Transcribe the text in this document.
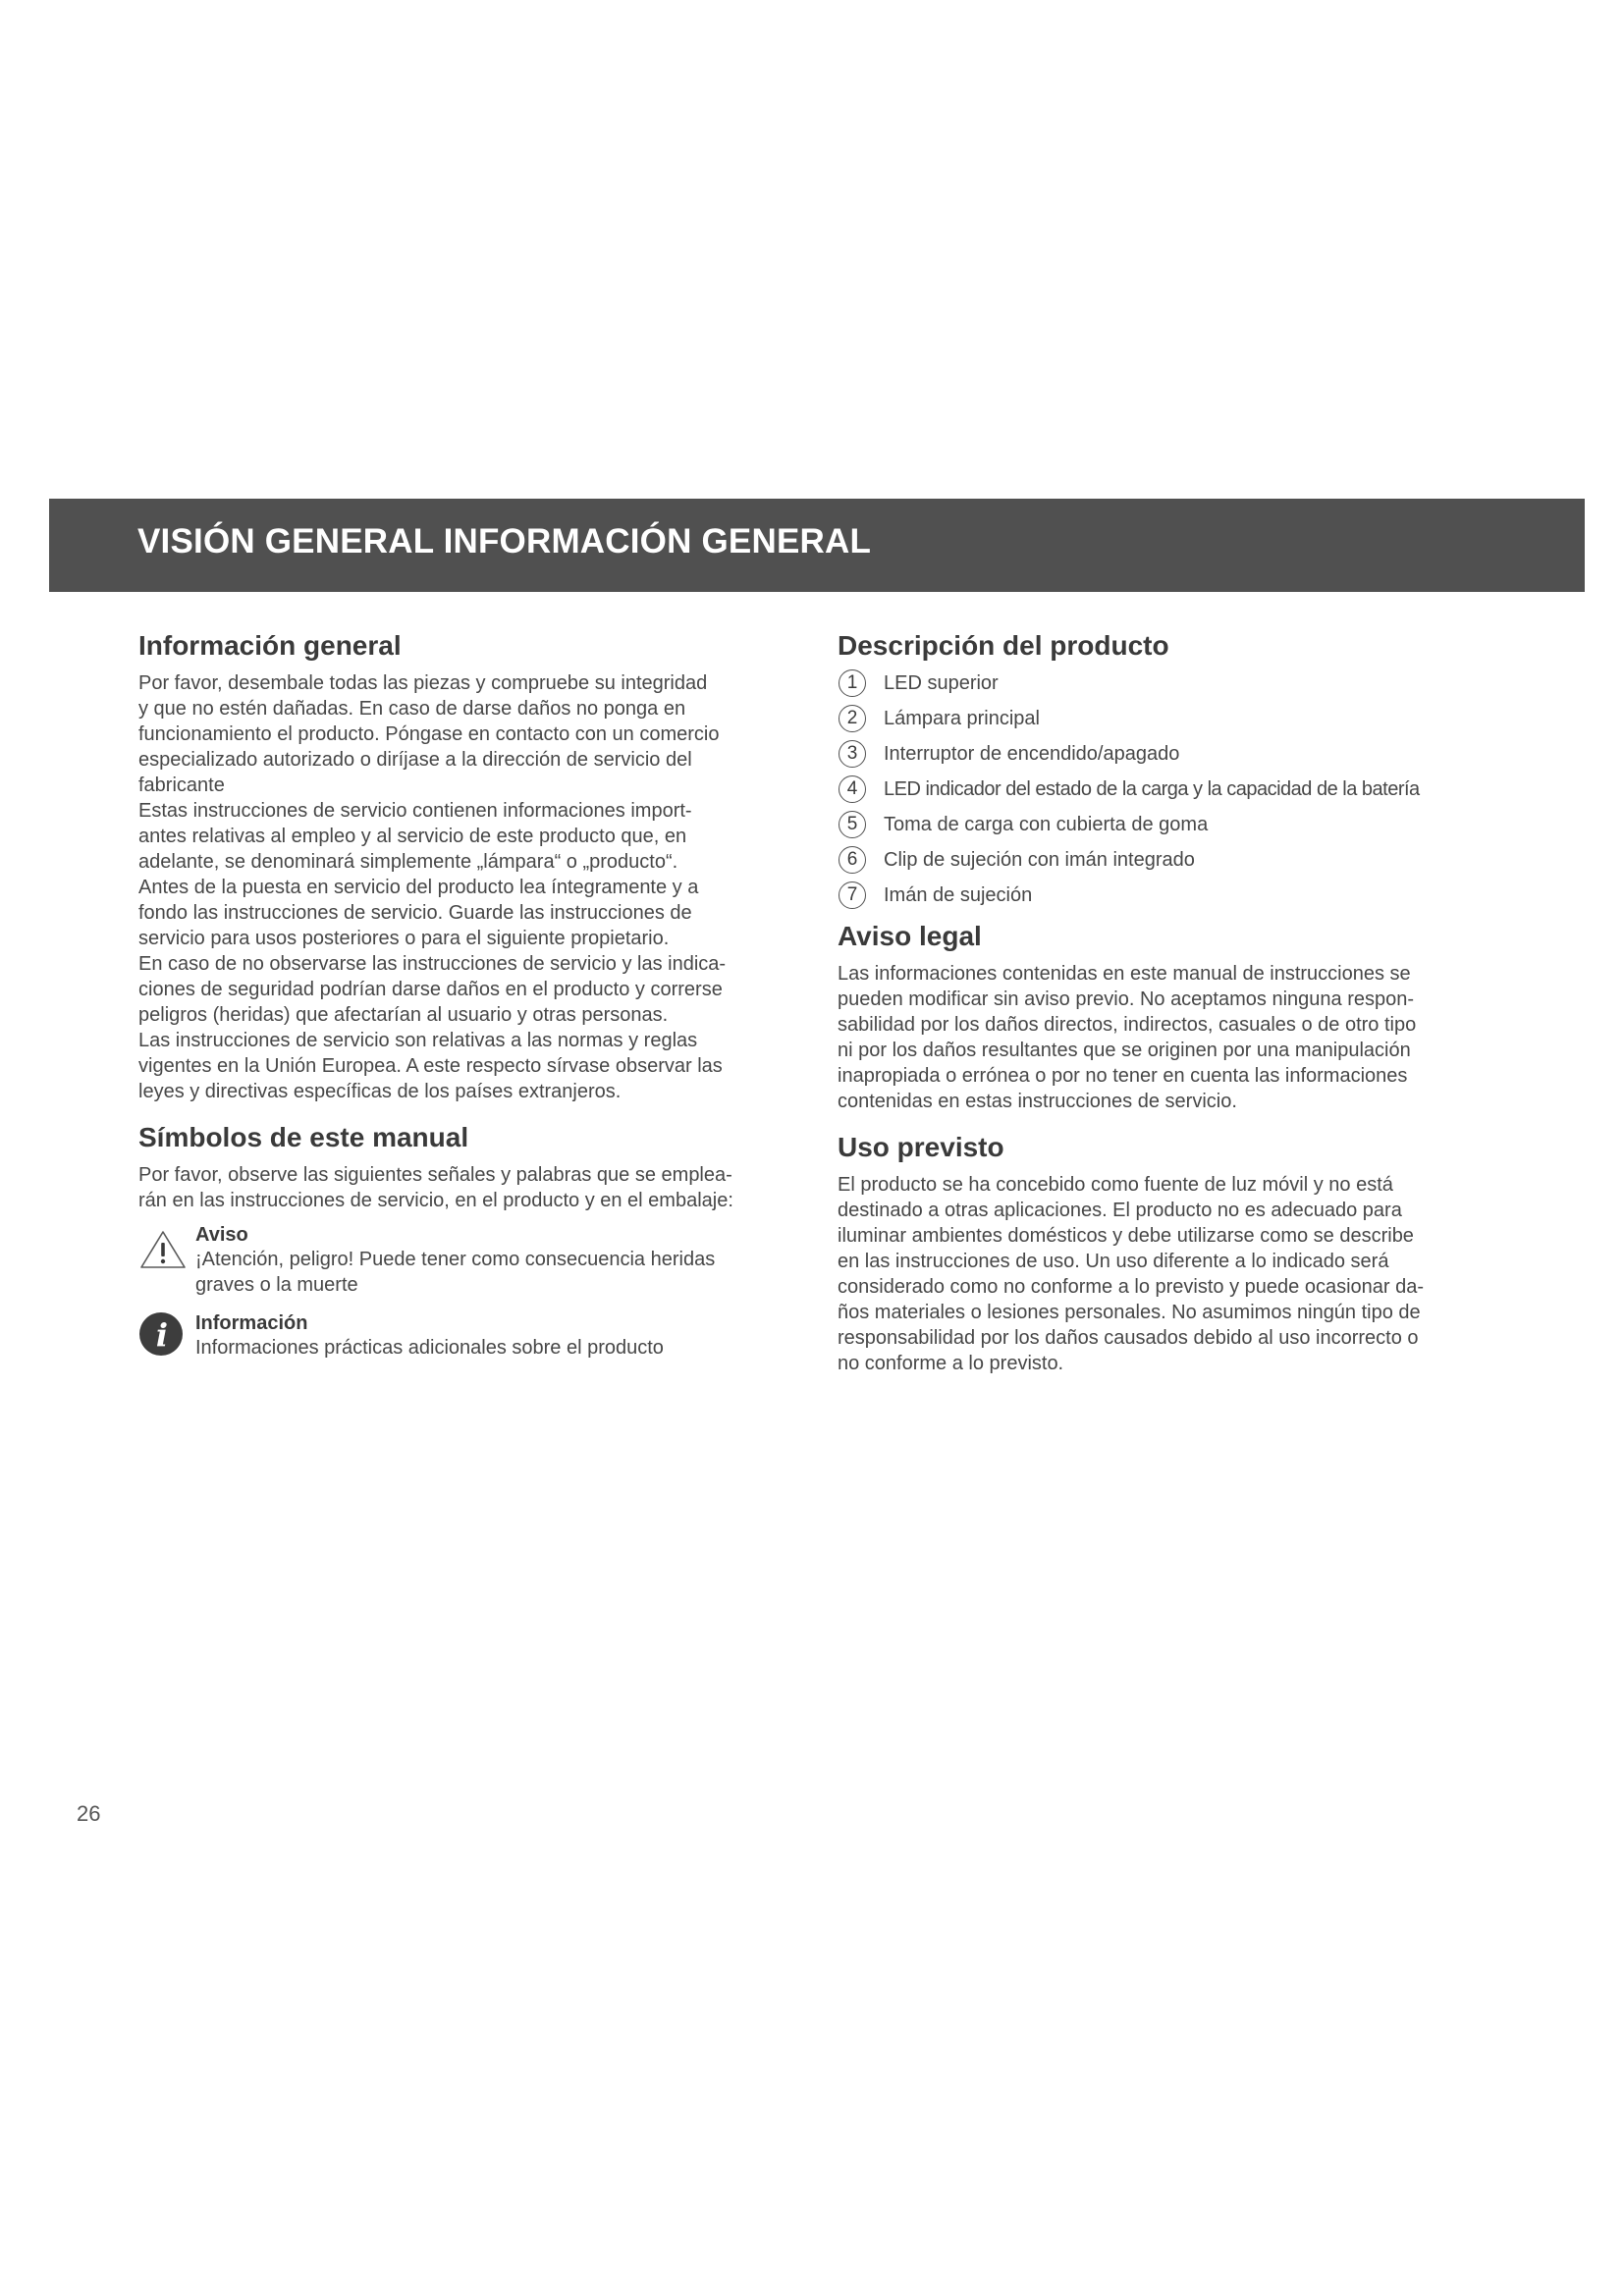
VISIÓN GENERAL INFORMACIÓN GENERAL
Información general

Por favor, desembale todas las piezas y compruebe su integridad
y que no estén dañadas. En caso de darse daños no ponga en
funcionamiento el producto. Póngase en contacto con un comercio
especializado autorizado o diríjase a la dirección de servicio del
fabricante

Estas instrucciones de servicio contienen informaciones import-
antes relativas al empleo y al servicio de este producto que, en
adelante, se denominará simplemente „lámpara“ o „producto“.
Antes de la puesta en servicio del producto lea íntegramente y a
fondo las instrucciones de servicio. Guarde las instrucciones de
servicio para usos posteriores o para el siguiente propietario.
En caso de no observarse las instrucciones de servicio y las indica-
ciones de seguridad podrían darse daños en el producto y correrse
peligros (heridas) que afectarían al usuario y otras personas.
Las instrucciones de servicio son relativas a las normas y reglas
vigentes en la Unión Europea. A este respecto sírvase observar las
leyes y directivas específicas de los países extranjeros.

Símbolos de este manual

Por favor, observe las siguientes señales y palabras que se emplea-
rán en las instrucciones de servicio, en el producto y en el embalaje:

Aviso
¡Atención, peligro! Puede tener como consecuencia heridas
graves o la muerte
i Información
Informaciones prácticas adicionales sobre el producto
Descripción del producto
1	LED superior
2	Lámpara principal
3	Interruptor de encendido/apagado
4	LED indicador del estado de la carga y la capacidad de la batería
5	Toma de carga con cubierta de goma
6	Clip de sujeción con imán integrado
7	Imán de sujeción
Aviso legal

Las informaciones contenidas en este manual de instrucciones se
pueden modificar sin aviso previo. No aceptamos ninguna respon-
sabilidad por los daños directos, indirectos, casuales o de otro tipo
ni por los daños resultantes que se originen por una manipulación
inapropiada o errónea o por no tener en cuenta las informaciones
contenidas en estas instrucciones de servicio.

Uso previsto

El producto se ha concebido como fuente de luz móvil y no está
destinado a otras aplicaciones. El producto no es adecuado para
iluminar ambientes domésticos y debe utilizarse como se describe
en las instrucciones de uso. Un uso diferente a lo indicado será
considerado como no conforme a lo previsto y puede ocasionar da-
ños materiales o lesiones personales. No asumimos ningún tipo de
responsabilidad por los daños causados debido al uso incorrecto o
no conforme a lo previsto.

26
